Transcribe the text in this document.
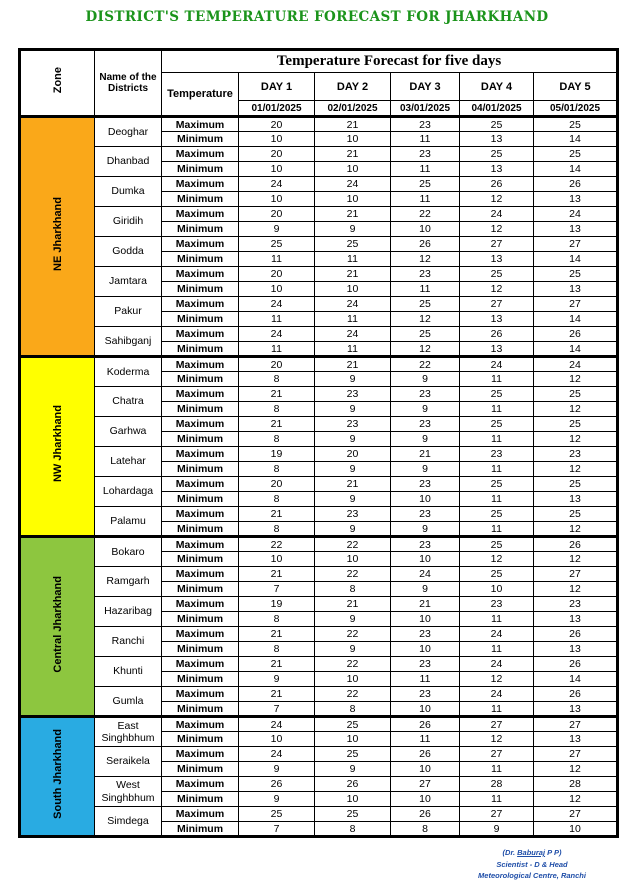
DISTRICT'S TEMPERATURE FORECAST FOR JHARKHAND
Zone	Name of the Districts	Temperature Forecast for five days					
		Temperature	DAY 1	DAY 2	DAY 3	DAY 4	DAY 5
			01/01/2025	02/01/2025	03/01/2025	04/01/2025	05/01/2025
NE Jharkhand	Deoghar	Maximum	20	21	23	25	25
		Minimum	10	10	11	13	14
	Dhanbad	Maximum	20	21	23	25	25
		Minimum	10	10	11	13	14
	Dumka	Maximum	24	24	25	26	26
		Minimum	10	10	11	12	13
	Giridih	Maximum	20	21	22	24	24
		Minimum	9	9	10	12	13
	Godda	Maximum	25	25	26	27	27
		Minimum	11	11	12	13	14
	Jamtara	Maximum	20	21	23	25	25
		Minimum	10	10	11	12	13
	Pakur	Maximum	24	24	25	27	27
		Minimum	11	11	12	13	14
	Sahibganj	Maximum	24	24	25	26	26
		Minimum	11	11	12	13	14
NW Jharkhand	Koderma	Maximum	20	21	22	24	24
		Minimum	8	9	9	11	12
	Chatra	Maximum	21	23	23	25	25
		Minimum	8	9	9	11	12
	Garhwa	Maximum	21	23	23	25	25
		Minimum	8	9	9	11	12
	Latehar	Maximum	19	20	21	23	23
		Minimum	8	9	9	11	12
	Lohardaga	Maximum	20	21	23	25	25
		Minimum	8	9	10	11	13
	Palamu	Maximum	21	23	23	25	25
		Minimum	8	9	9	11	12
Central Jharkhand	Bokaro	Maximum	22	22	23	25	26
		Minimum	10	10	10	12	12
	Ramgarh	Maximum	21	22	24	25	27
		Minimum	7	8	9	10	12
	Hazaribag	Maximum	19	21	21	23	23
		Minimum	8	9	10	11	13
	Ranchi	Maximum	21	22	23	24	26
		Minimum	8	9	10	11	13
	Khunti	Maximum	21	22	23	24	26
		Minimum	9	10	11	12	14
	Gumla	Maximum	21	22	23	24	26
		Minimum	7	8	10	11	13
South Jharkhand	East Singhbhum	Maximum	24	25	26	27	27
		Minimum	10	10	11	12	13
	Seraikela	Maximum	24	25	26	27	27
		Minimum	9	9	10	11	12
	West Singhbhum	Maximum	26	26	27	28	28
		Minimum	9	10	10	11	12
	Simdega	Maximum	25	25	26	27	27
		Minimum	7	8	8	9	10
(Dr. Baburaj P P)
Scientist - D & Head
Meteorological Centre, Ranchi
